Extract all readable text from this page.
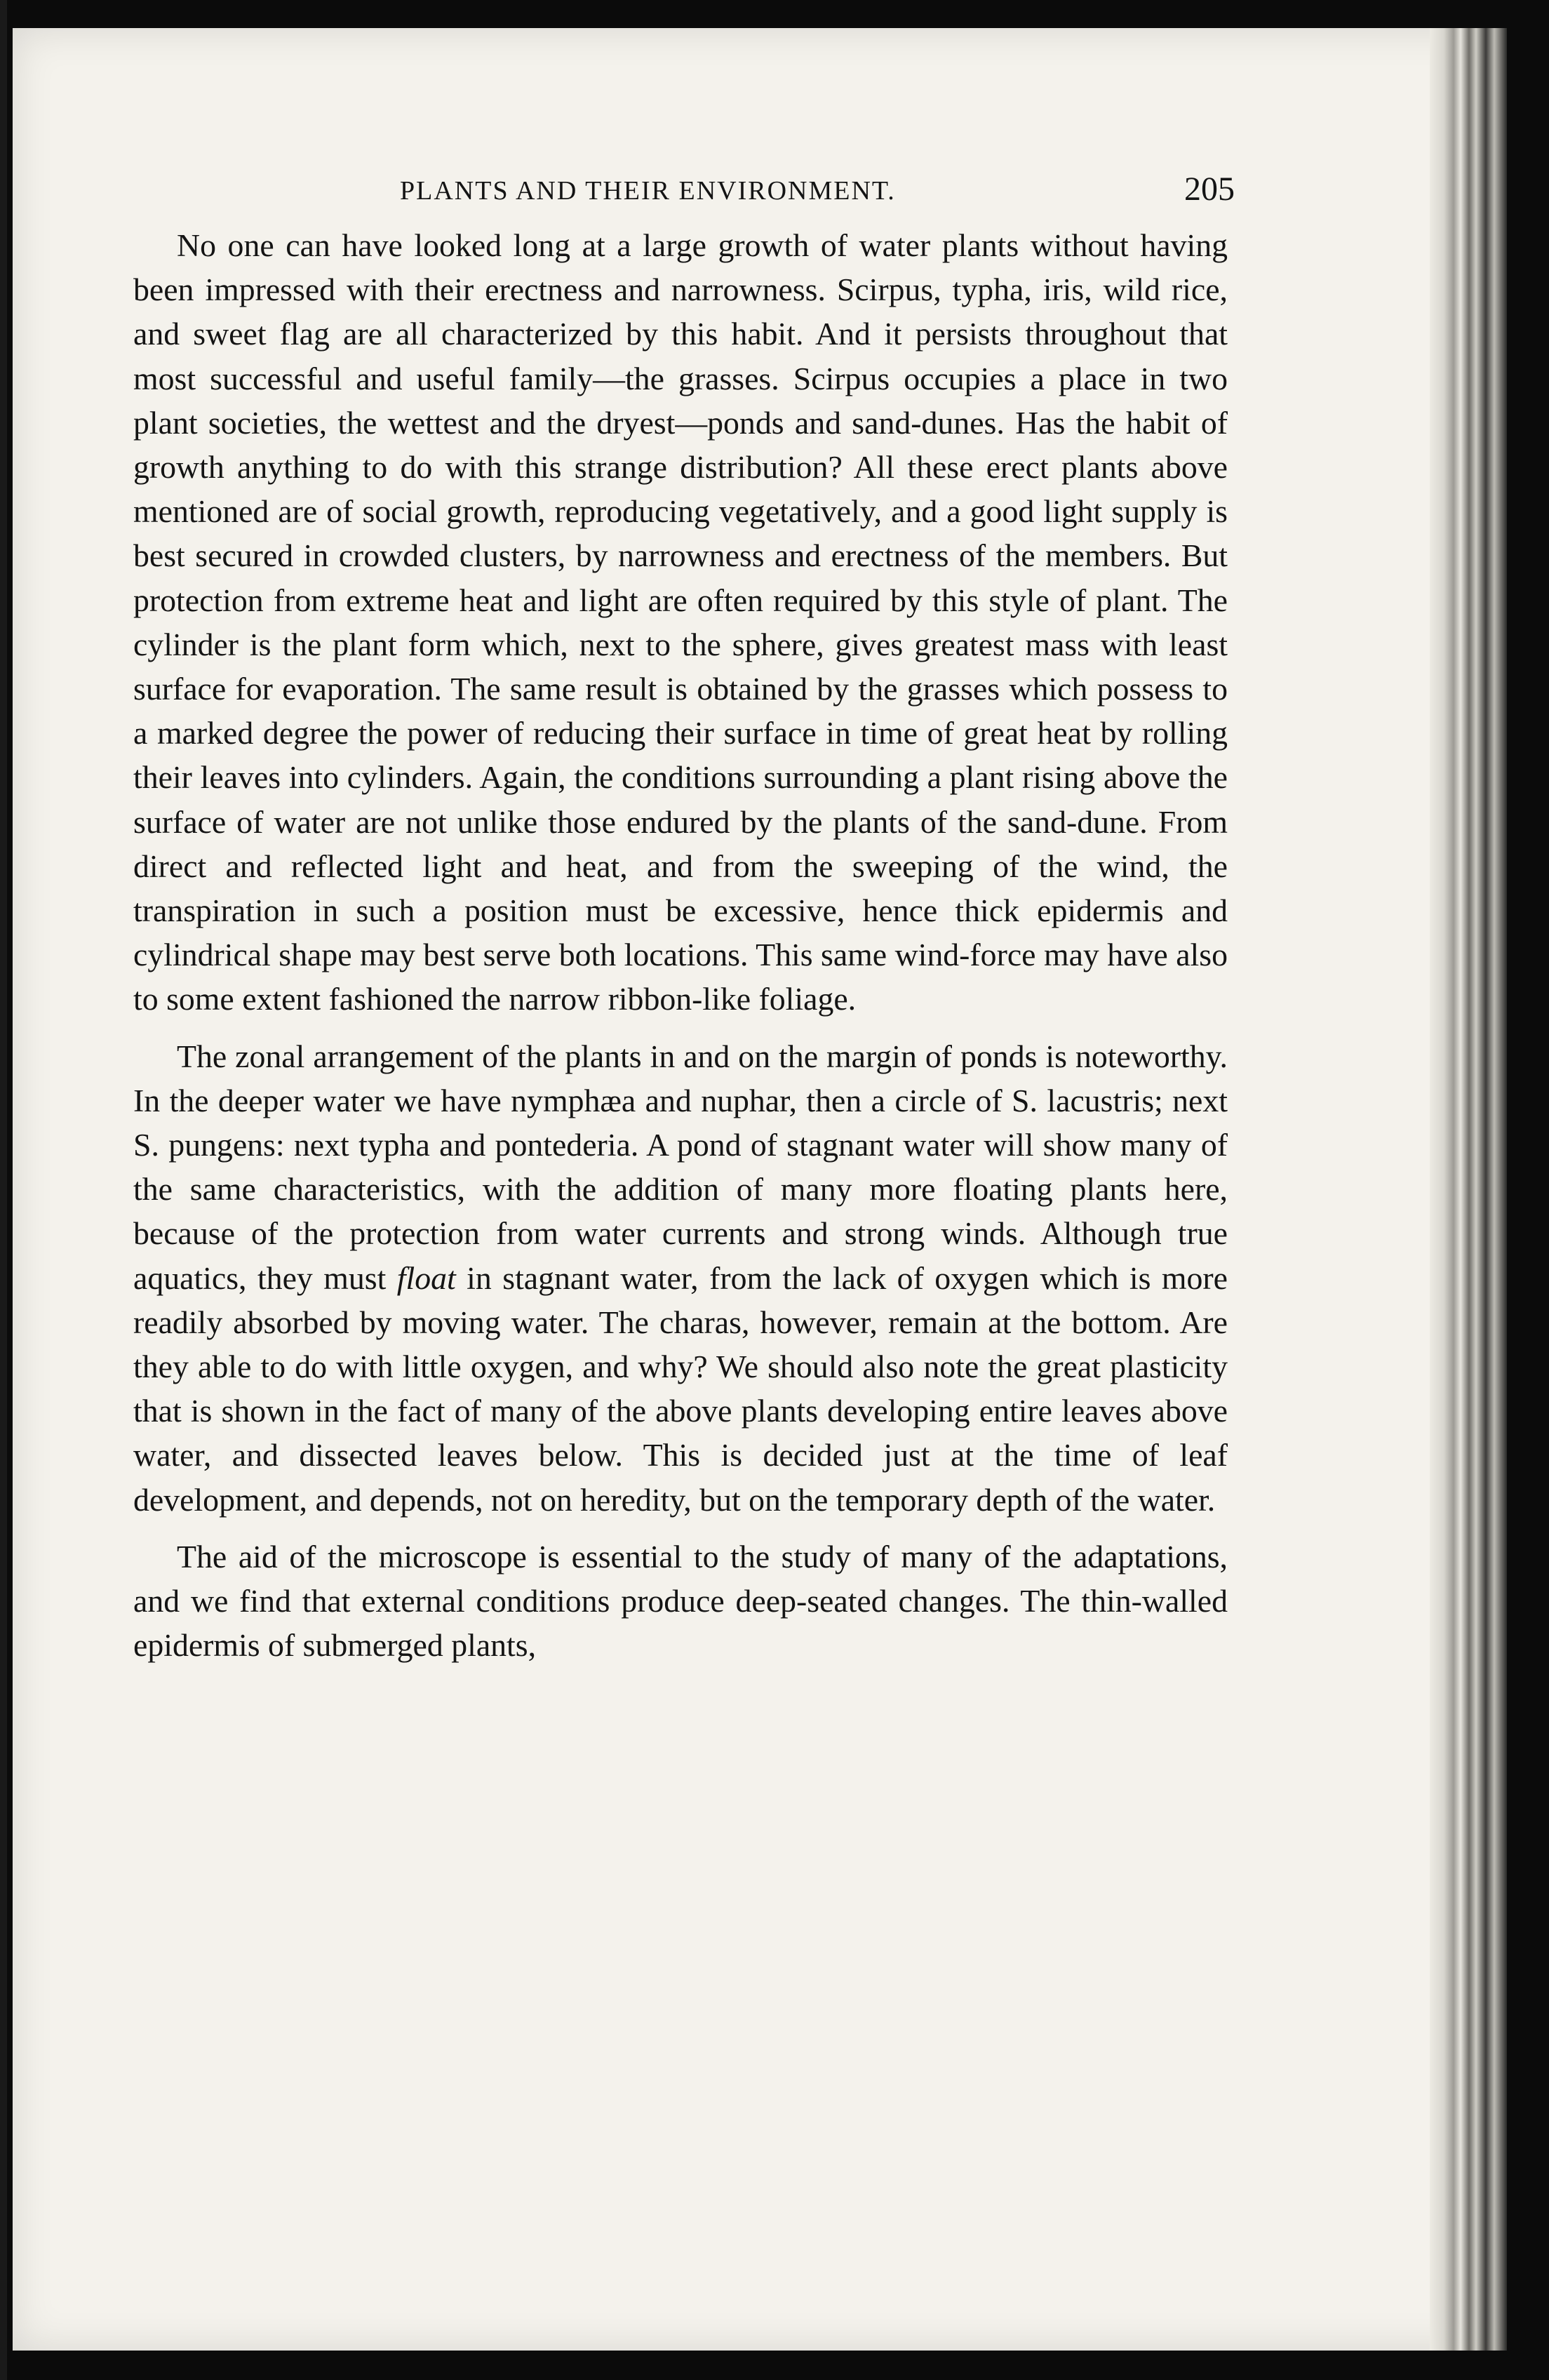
PLANTS AND THEIR ENVIRONMENT.	205

No one can have looked long at a large growth of water plants without having been impressed with their erectness and narrowness. Scirpus, typha, iris, wild rice, and sweet flag are all characterized by this habit. And it persists throughout that most successful and useful family—the grasses. Scirpus occupies a place in two plant societies, the wettest and the dryest—ponds and sand-dunes. Has the habit of growth anything to do with this strange distribution? All these erect plants above mentioned are of social growth, reproducing vegetatively, and a good light supply is best secured in crowded clusters, by narrowness and erectness of the members. But protection from extreme heat and light are often required by this style of plant. The cylinder is the plant form which, next to the sphere, gives greatest mass with least surface for evaporation. The same result is obtained by the grasses which possess to a marked degree the power of reducing their surface in time of great heat by rolling their leaves into cylinders. Again, the conditions surrounding a plant rising above the surface of water are not unlike those endured by the plants of the sand-dune. From direct and reflected light and heat, and from the sweeping of the wind, the transpiration in such a position must be excessive, hence thick epidermis and cylindrical shape may best serve both locations. This same wind-force may have also to some extent fashioned the narrow ribbon-like foliage.

The zonal arrangement of the plants in and on the margin of ponds is noteworthy. In the deeper water we have nymphæa and nuphar, then a circle of S. lacustris; next S. pungens: next typha and pontederia. A pond of stagnant water will show many of the same characteristics, with the addition of many more floating plants here, because of the protection from water currents and strong winds. Although true aquatics, they must float in stagnant water, from the lack of oxygen which is more readily absorbed by moving water. The charas, however, remain at the bottom. Are they able to do with little oxygen, and why? We should also note the great plasticity that is shown in the fact of many of the above plants developing entire leaves above water, and dissected leaves below. This is decided just at the time of leaf development, and depends, not on heredity, but on the temporary depth of the water.

The aid of the microscope is essential to the study of many of the adaptations, and we find that external conditions produce deep-seated changes. The thin-walled epidermis of submerged plants,
